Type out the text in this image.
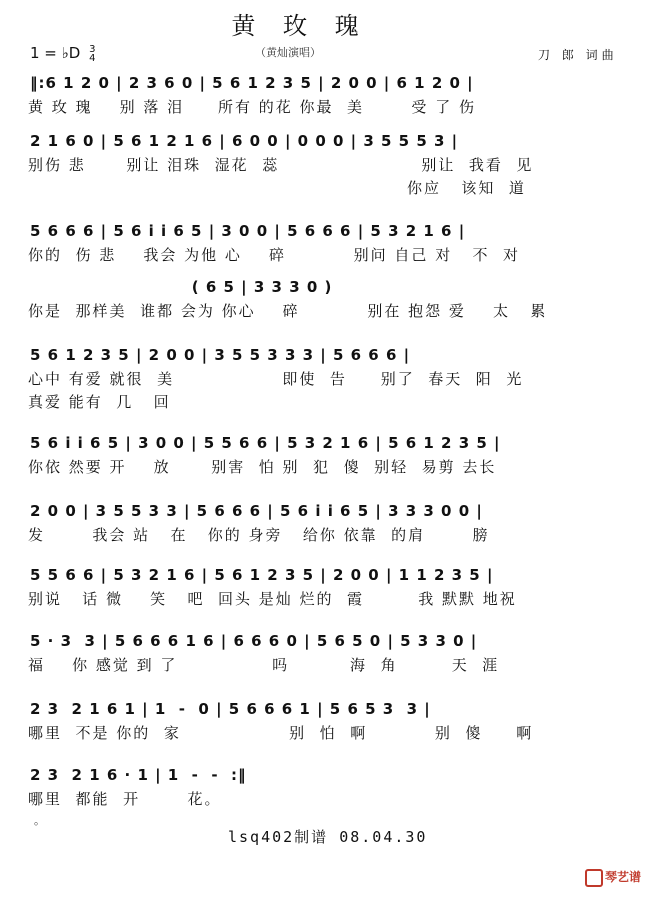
黄 玫 瑰
（黄灿演唱）
1 = ♭D 3
4	刀 郎 词曲
‖:6 1 2 0 | 2 3 6 0 | 5 6 1 2 3 5 | 2 0 0 | 6 1 2 0 |
黄 玫 瑰    别 落 泪     所有 的花 你最  美       受 了 伤
2 1 6 0 | 5 6 1 2 1 6 | 6 0 0 | 0 0 0 | 3 5 5 5 3 |
别伤 悲      别让 泪珠  湿花  蕊                     别让  我看  见
你应   该知  道
5 6 6 6 | 5 6 i i 6 5 | 3 0 0 | 5 6 6 6 | 5 3 2 1 6 |
你的  伤 悲    我会 为他 心    碎          别问 自己 对   不  对
( 6 5 | 3 3 3 0 )
你是  那样美  谁都 会为 你心    碎          别在 抱怨 爱    太   累
5 6 1 2 3 5 | 2 0 0 | 3 5 5 3 3 3 | 5 6 6 6 |
心中 有爱 就很  美                即使  告     别了  春天  阳  光
真爱 能有  几   回
5 6 i i 6 5 | 3 0 0 | 5 5 6 6 | 5 3 2 1 6 | 5 6 1 2 3 5 |
你依 然要 开    放      别害  怕 别  犯  傻  别轻  易剪 去长
2 0 0 | 3 5 5 3 3 | 5 6 6 6 | 5 6 i i 6 5 | 3 3 3 0 0 |
发       我会 站   在   你的 身旁   给你 依靠  的肩       膀
5 5 6 6 | 5 3 2 1 6 | 5 6 1 2 3 5 | 2 0 0 | 1 1 2 3 5 |
别说   话 微    笑   吧  回头 是灿 烂的  霞        我 默默 地祝
5 · 3  3 | 5 6 6 6 1 6 | 6 6 6 0 | 5 6 5 0 | 5 3 3 0 |
福    你 感觉 到 了              吗         海  角        天  涯
2 3  2 1 6 1 | 1  -  0 | 5 6 6 6 1 | 5 6 5 3  3 |
哪里  不是 你的  家                别  怕  啊          别  傻     啊
2 3  2 1 6 · 1 | 1  -  -  :‖
哪里  都能  开       花。
。
lsq402制谱 08.04.30
琴艺谱
